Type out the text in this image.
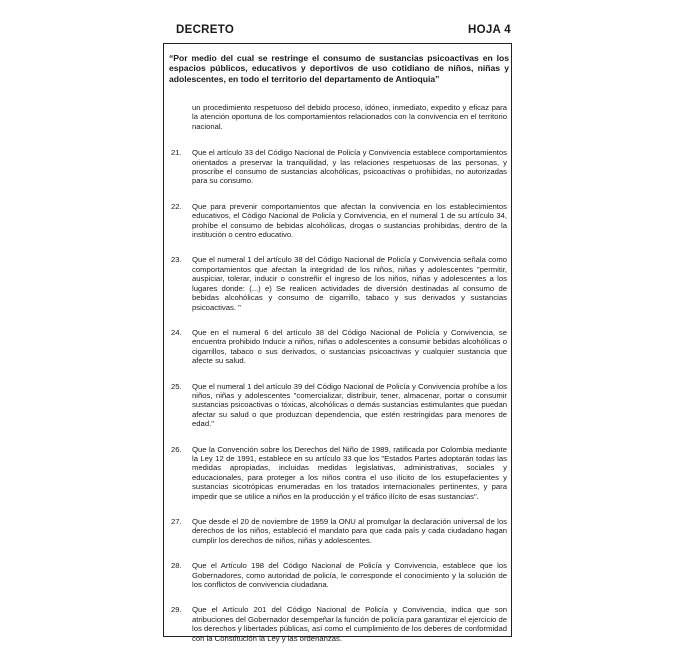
DECRETO	HOJA 4
“Por medio del cual se restringe el consumo de sustancias psicoactivas en los espacios públicos, educativos y deportivos de uso cotidiano de niños, niñas y adolescentes, en todo el territorio del departamento de Antioquia”
un procedimiento respetuoso del debido proceso, idóneo, inmediato, expedito y eficaz para la atención oportuna de los comportamientos relacionados con la convivencia en el territorio nacional.
21.	Que el artículo 33 del Código Nacional de Policía y Convivencia establece comportamientos orientados a preservar la tranquilidad, y las relaciones respetuosas de las personas, y proscribe el consumo de sustancias alcohólicas, psicoactivas o prohibidas, no autorizadas para su consumo.
22.	Que para prevenir comportamientos que afectan la convivencia en los establecimientos educativos, el Código Nacional de Policía y Convivencia, en el numeral 1 de su artículo 34, prohíbe el consumo de bebidas alcohólicas, drogas o sustancias prohibidas, dentro de la institución o centro educativo.
23.	Que el numeral 1 del artículo 38 del Código Nacional de Policía y Convivencia señala como comportamientos que afectan la integridad de los niños, niñas y adolescentes "permitir, auspiciar, tolerar, inducir o constreñir el ingreso de los niños, niñas y adolescentes a los lugares donde: (...) e) Se realicen actividades de diversión destinadas al consumo de bebidas alcohólicas y consumo de cigarrillo, tabaco y sus derivados y sustancias psicoactivas. "
24.	Que en el numeral 6 del artículo 38 del Código Nacional de Policía y Convivencia, se encuentra prohibido Inducir a niños, niñas o adolescentes a consumir bebidas alcohólicas o cigarrillos, tabaco o sus derivados, o sustancias psicoactivas y cualquier sustancia que afecte su salud.
25.	Que el numeral 1 del artículo 39 del Código Nacional de Policía y Convivencia prohíbe a los niños, niñas y adolescentes "comercializar, distribuir, tener, almacenar, portar o consumir sustancias psicoactivas o tóxicas, alcohólicas o demás sustancias estimulantes que puedan afectar su salud o que produzcan dependencia, que estén restringidas para menores de edad."
26.	Que la Convención sobre los Derechos del Niño de 1989, ratificada por Colombia mediante la Ley 12 de 1991, establece en su artículo 33 que los "Estados Partes adoptarán todas las medidas apropiadas, incluidas medidas legislativas, administrativas, sociales y educacionales, para proteger a los niños contra el uso ilícito de los estupefacientes y sustancias sicotrópicas enumeradas en los tratados internacionales pertinentes, y para impedir que se utilice a niños en la producción y el tráfico ilícito de esas sustancias".
27.	Que desde el 20 de noviembre de 1959 la ONU al promulgar la declaración universal de los derechos de los niños, estableció el mandato para que cada país y cada ciudadano hagan cumplir los derechos de niños, niñas y adolescentes.
28.	Que el Artículo 198 del Código Nacional de Policía y Convivencia, establece que los Gobernadores, como autoridad de policía, le corresponde el conocimiento y la solución de los conflictos de convivencia ciudadana.
29.	Que el Artículo 201 del Código Nacional de Policía y Convivencia, indica que son atribuciones del Gobernador desempeñar la función de policía para garantizar el ejercicio de los derechos y libertades públicas, así como el cumplimiento de los deberes de conformidad con la Constitución la Ley y las ordenanzas.
